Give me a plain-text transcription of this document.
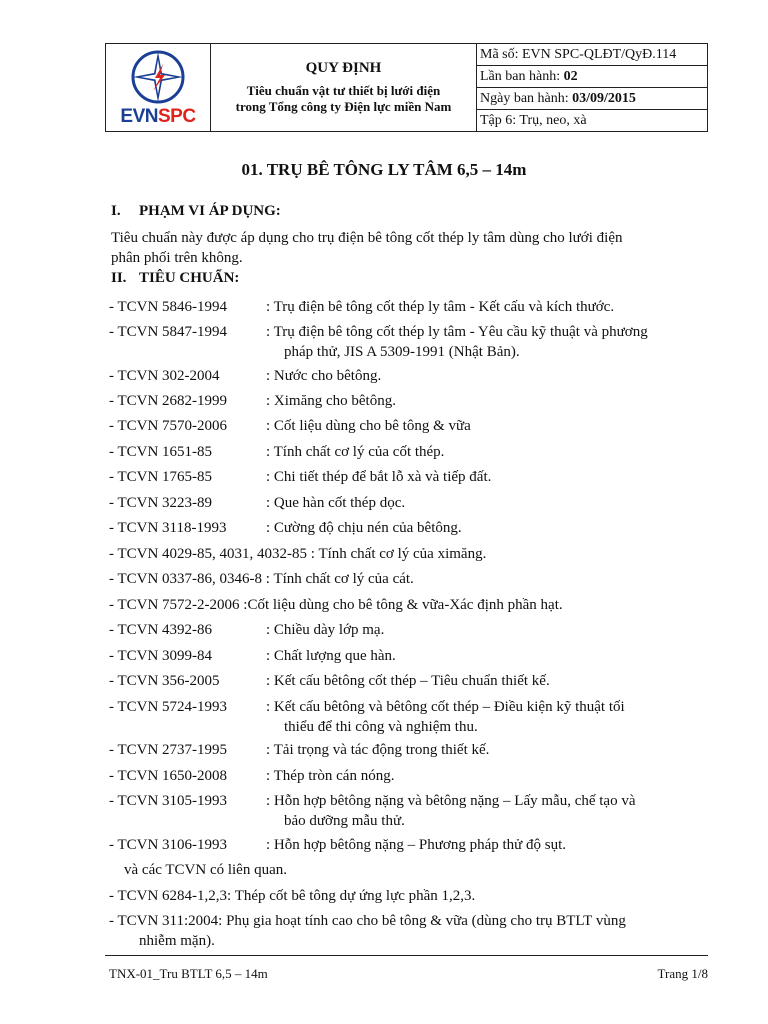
EVNSPC

QUY ĐỊNH
Tiêu chuẩn vật tư thiết bị lưới điện
trong Tổng công ty Điện lực miền Nam
	Mã số: EVN SPC-QLĐT/QyĐ.114
Lần ban hành: 02
Ngày ban hành: 03/09/2015
Tập 6: Trụ, neo, xà
01. TRỤ BÊ TÔNG LY TÂM 6,5 – 14m
I. PHẠM VI ÁP DỤNG:
Tiêu chuẩn này được áp dụng cho trụ điện bê tông cốt thép ly tâm dùng cho lưới điện
phân phối trên không.
II. TIÊU CHUẨN:
- TCVN 5846-1994	: Trụ điện bê tông cốt thép ly tâm - Kết cấu và kích thước.
- TCVN 5847-1994	: Trụ điện bê tông cốt thép ly tâm - Yêu cầu kỹ thuật và phương
pháp thử, JIS A 5309-1991 (Nhật Bản).
- TCVN 302-2004	: Nước cho bêtông.
- TCVN 2682-1999	: Ximăng cho bêtông.
- TCVN 7570-2006	: Cốt liệu dùng cho bê tông & vữa
- TCVN 1651-85	: Tính chất cơ lý của cốt thép.
- TCVN 1765-85	: Chi tiết thép để bắt lỗ xà và tiếp đất.
- TCVN 3223-89	: Que hàn cốt thép dọc.
- TCVN 3118-1993	: Cường độ chịu nén của bêtông.
- TCVN 4029-85, 4031, 4032-85 : Tính chất cơ lý của ximăng.
- TCVN 0337-86, 0346-8 : Tính chất cơ lý của cát.
- TCVN 7572-2-2006 :Cốt liệu dùng cho bê tông & vữa-Xác định phần hạt.
- TCVN 4392-86	: Chiều dày lớp mạ.
- TCVN 3099-84	: Chất lượng que hàn.
- TCVN 356-2005	: Kết cấu bêtông cốt thép – Tiêu chuẩn thiết kế.
- TCVN 5724-1993	: Kết cấu bêtông và bêtông cốt thép – Điều kiện kỹ thuật tối
thiểu để thi công và nghiệm thu.
- TCVN 2737-1995	: Tải trọng và tác động trong thiết kế.
- TCVN 1650-2008	: Thép tròn cán nóng.
- TCVN 3105-1993	: Hỗn hợp bêtông nặng và bêtông nặng – Lấy mẫu, chế tạo và
bảo dưỡng mẫu thử.
- TCVN 3106-1993	: Hỗn hợp bêtông nặng – Phương pháp thử độ sụt.
và các TCVN có liên quan.
- TCVN 6284-1,2,3: Thép cốt bê tông dự ứng lực phần 1,2,3.
- TCVN 311:2004: Phụ gia hoạt tính cao cho bê tông & vữa (dùng cho trụ BTLT vùng
nhiễm mặn).
TNX-01_Tru BTLT 6,5 – 14m	Trang 1/8
